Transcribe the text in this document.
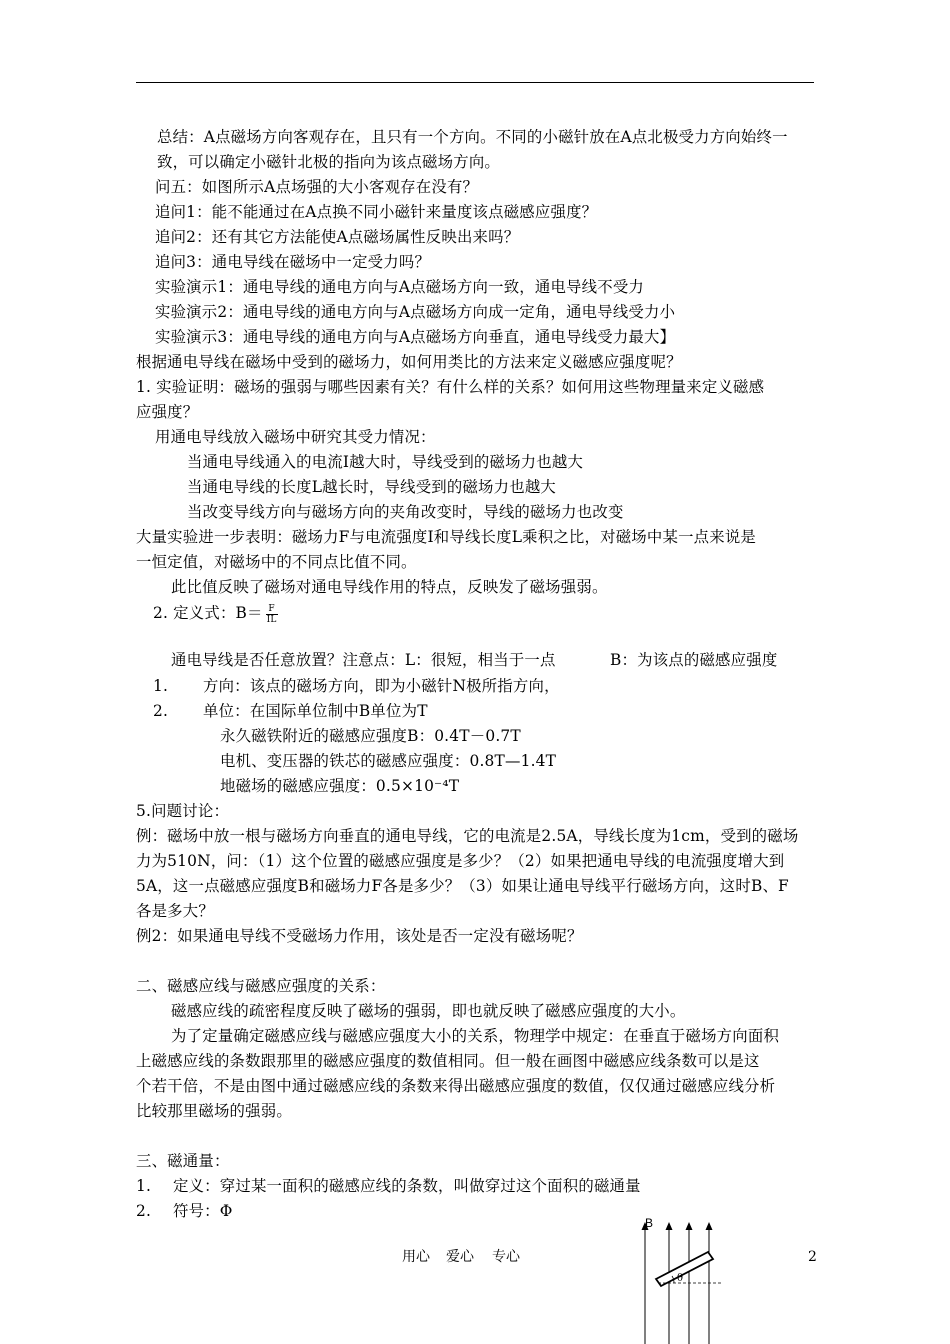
总结：A点磁场方向客观存在，且只有一个方向。不同的小磁针放在A点北极受力方向始终一
致，可以确定小磁针北极的指向为该点磁场方向。
问五：如图所示A点场强的大小客观存在没有？
追问1：能不能通过在A点换不同小磁针来量度该点磁感应强度？
追问2：还有其它方法能使A点磁场属性反映出来吗？
追问3：通电导线在磁场中一定受力吗？
实验演示1：通电导线的通电方向与A点磁场方向一致，通电导线不受力
实验演示2：通电导线的通电方向与A点磁场方向成一定角，通电导线受力小
实验演示3：通电导线的通电方向与A点磁场方向垂直，通电导线受力最大】
根据通电导线在磁场中受到的磁场力，如何用类比的方法来定义磁感应强度呢？
1. 实验证明：磁场的强弱与哪些因素有关？有什么样的关系？如何用这些物理量来定义磁感
应强度？
用通电导线放入磁场中研究其受力情况：
当通电导线通入的电流I越大时，导线受到的磁场力也越大
当通电导线的长度L越长时，导线受到的磁场力也越大
当改变导线方向与磁场方向的夹角改变时，导线的磁场力也改变
大量实验进一步表明：磁场力F与电流强度I和导线长度L乘积之比，对磁场中某一点来说是
一恒定值，对磁场中的不同点比值不同。
此比值反映了磁场对通电导线作用的特点，反映发了磁场强弱。
2. 定义式：$B= \frac{F}{IL}$
通电导线是否任意放置？注意点：L：很短，相当于一点	B：为该点的磁感应强度
1. 方向：该点的磁场方向，即为小磁针N极所指方向，
2. 单位：在国际单位制中B单位为T
永久磁铁附近的磁感应强度B：0.4T－0.7T
电机、变压器的铁芯的磁感应强度：0.8T—1.4T
地磁场的磁感应强度：0.5×10⁻⁴T
5.问题讨论：
例：磁场中放一根与磁场方向垂直的通电导线，它的电流是2.5A，导线长度为1cm，受到的磁场
力为510N，问：（1）这个位置的磁感应强度是多少？（2）如果把通电导线的电流强度增大到
5A，这一点磁感应强度B和磁场力F各是多少？（3）如果让通电导线平行磁场方向，这时B、F
各是多大？
例2：如果通电导线不受磁场力作用，该处是否一定没有磁场呢？
二、磁感应线与磁感应强度的关系：
磁感应线的疏密程度反映了磁场的强弱，即也就反映了磁感应强度的大小。
为了定量确定磁感应线与磁感应强度大小的关系，物理学中规定：在垂直于磁场方向面积
上磁感应线的条数跟那里的磁感应强度的数值相同。但一般在画图中磁感应线条数可以是这
个若干倍，不是由图中通过磁感应线的条数来得出磁感应强度的数值，仅仅通过磁感应线分析
比较那里磁场的强弱。
三、磁通量：
1. 定义：穿过某一面积的磁感应线的条数，叫做穿过这个面积的磁通量
2. 符号：Φ
用心 爱心 专心	2
B
θ
